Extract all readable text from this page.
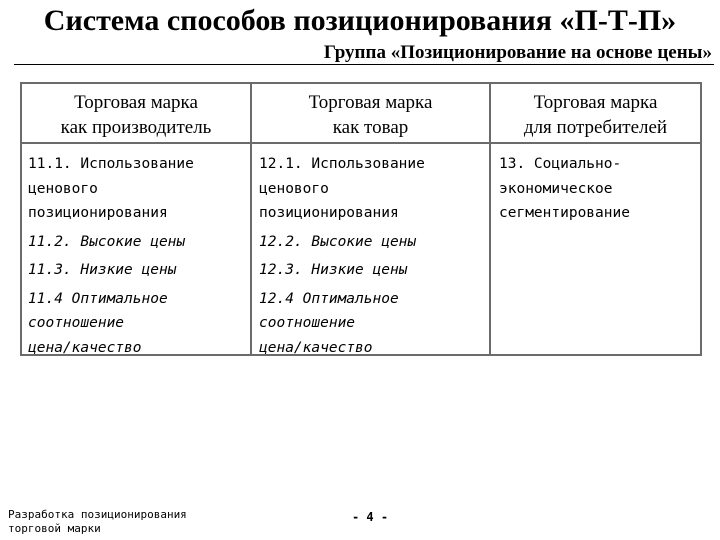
Система способов позиционирования «П-Т-П»
Группа «Позиционирование на основе цены»
Торговая марка
как производитель
11.1. Использование
ценового
позиционирования
11.2. Высокие цены
11.3. Низкие цены
11.4 Оптимальное
соотношение
цена/качество
Торговая марка
как товар
12.1. Использование
ценового
позиционирования
12.2. Высокие цены
12.3. Низкие цены
12.4 Оптимальное
соотношение
цена/качество
Торговая марка
для потребителей
13. Социально-
экономическое
сегментирование
Разработка позиционирования
торговой марки
- 4 -
